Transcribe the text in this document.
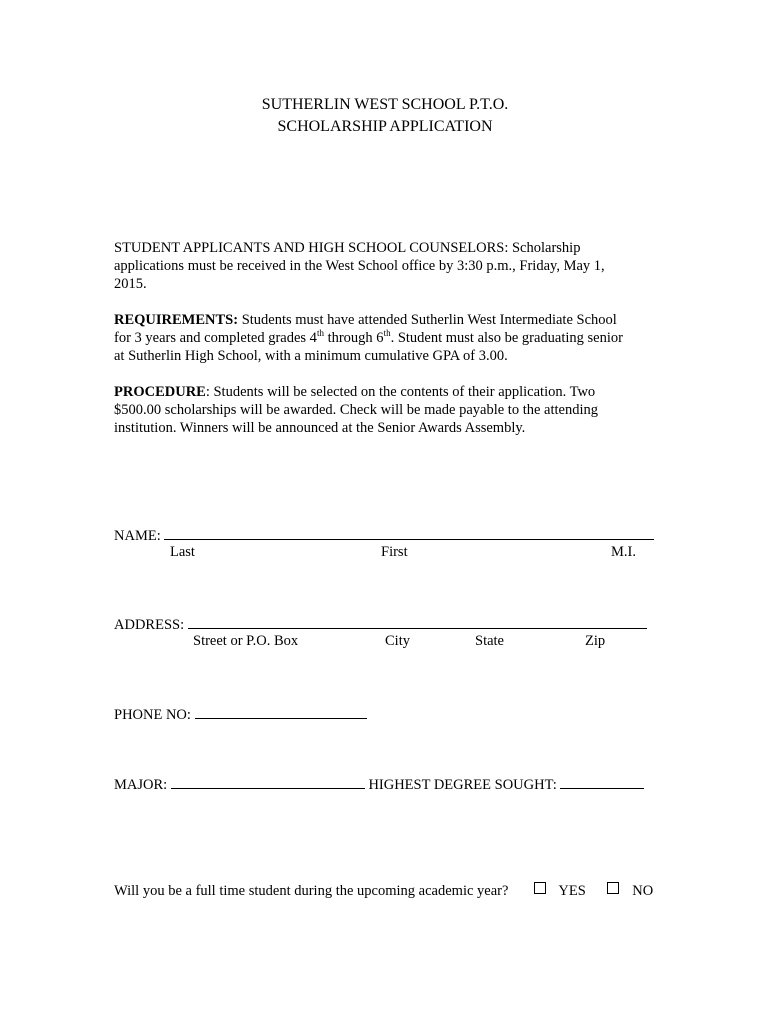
SUTHERLIN WEST SCHOOL P.T.O.
SCHOLARSHIP APPLICATION
STUDENT APPLICANTS AND HIGH SCHOOL COUNSELORS: Scholarship
applications must be received in the West School office by 3:30 p.m., Friday, May 1,
2015.
REQUIREMENTS: Students must have attended Sutherlin West Intermediate School
for 3 years and completed grades 4th through 6th. Student must also be graduating senior
at Sutherlin High School, with a minimum cumulative GPA of 3.00.
PROCEDURE: Students will be selected on the contents of their application. Two
$500.00 scholarships will be awarded. Check will be made payable to the attending
institution. Winners will be announced at the Senior Awards Assembly.
NAME:
Last	First	M.I.
ADDRESS:
Street or P.O. Box	City	State	Zip
PHONE NO:
MAJOR:	HIGHEST DEGREE SOUGHT:
Will you be a full time student during the upcoming academic year?	YES	NO
